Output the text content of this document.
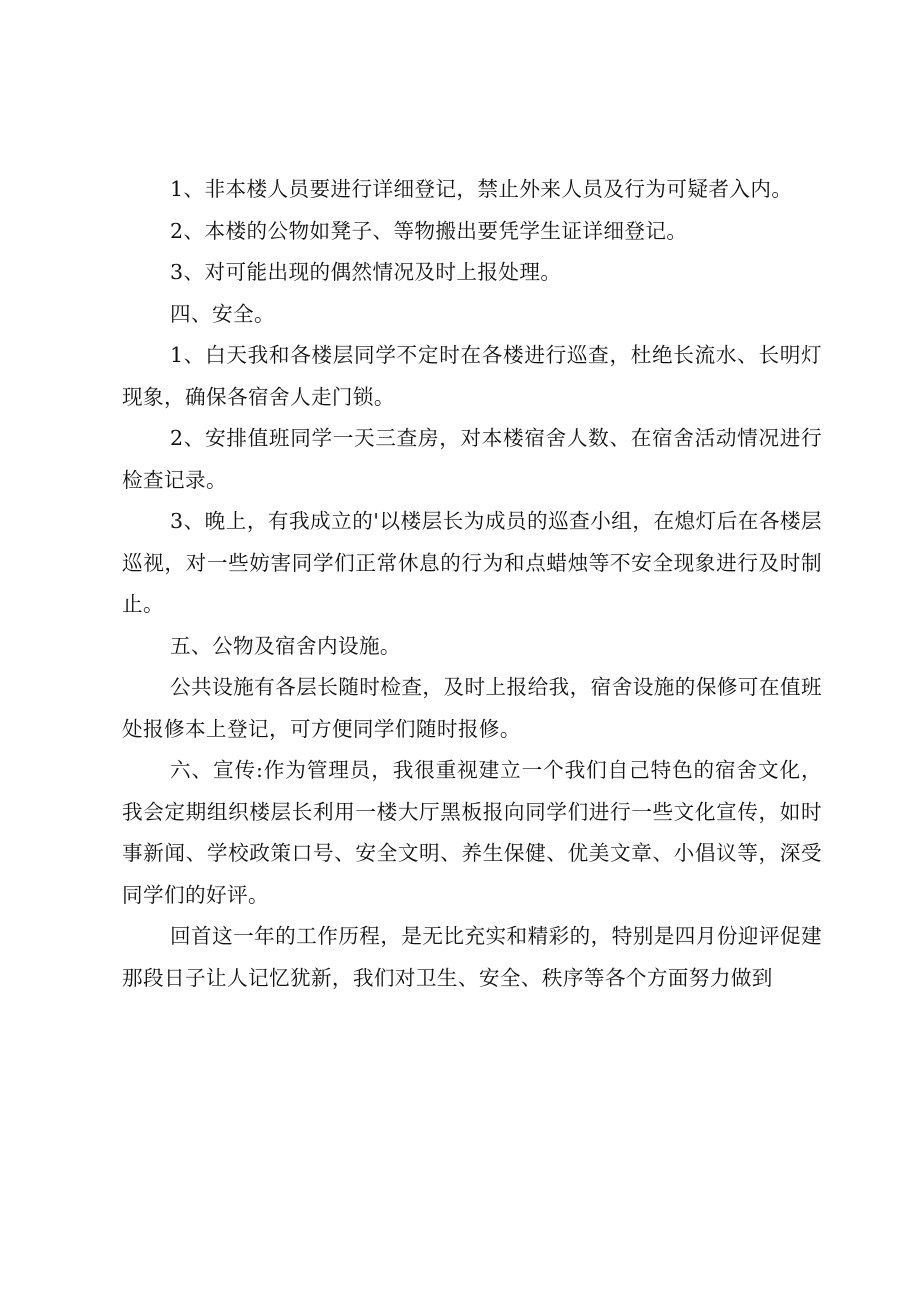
1、非本楼人员要进行详细登记，禁止外来人员及行为可疑者入内。

2、本楼的公物如凳子、等物搬出要凭学生证详细登记。

3、对可能出现的偶然情况及时上报处理。

四、安全。

1、白天我和各楼层同学不定时在各楼进行巡查，杜绝长流水、长明灯现象，确保各宿舍人走门锁。

2、安排值班同学一天三查房，对本楼宿舍人数、在宿舍活动情况进行检查记录。

3、晚上，有我成立的'以楼层长为成员的巡查小组，在熄灯后在各楼层巡视，对一些妨害同学们正常休息的行为和点蜡烛等不安全现象进行及时制止。

五、公物及宿舍内设施。

公共设施有各层长随时检查，及时上报给我，宿舍设施的保修可在值班处报修本上登记，可方便同学们随时报修。

六、宣传:作为管理员，我很重视建立一个我们自己特色的宿舍文化，我会定期组织楼层长利用一楼大厅黑板报向同学们进行一些文化宣传，如时事新闻、学校政策口号、安全文明、养生保健、优美文章、小倡议等，深受同学们的好评。

回首这一年的工作历程，是无比充实和精彩的，特别是四月份迎评促建那段日子让人记忆犹新，我们对卫生、安全、秩序等各个方面努力做到
